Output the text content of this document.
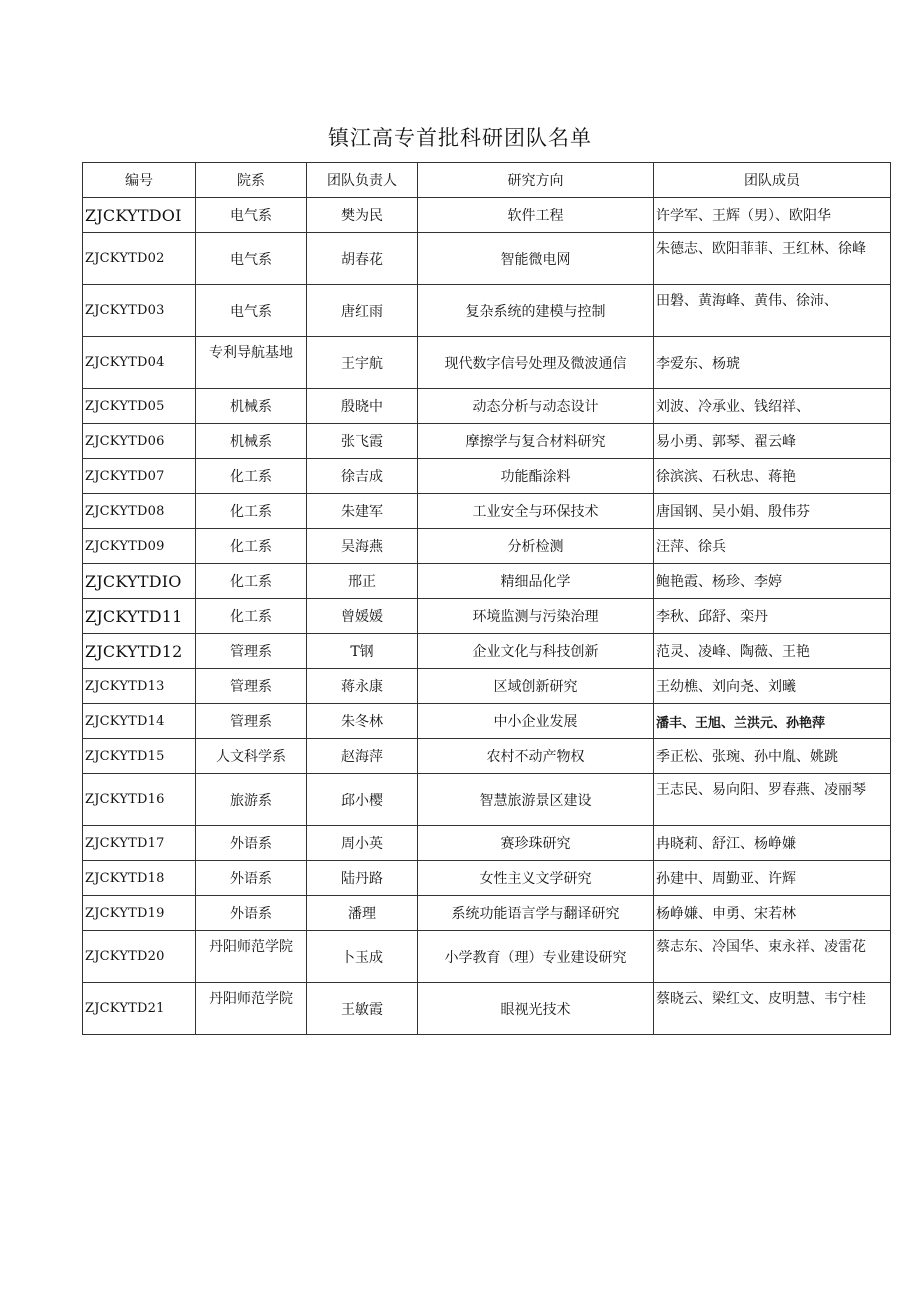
镇江高专首批科研团队名单
编号	院系	团队负责人	研究方向	团队成员
ZJCKYTDOI	电气系	樊为民	软件工程	许学军、王辉（男）、欧阳华
ZJCKYTD02	电气系	胡春花	智能微电网	朱德志、欧阳菲菲、王红林、徐峰
ZJCKYTD03	电气系	唐红雨	复杂系统的建模与控制	田磐、黄海峰、黄伟、徐沛、
ZJCKYTD04	专利导航基地	王宇航	现代数字信号处理及微波通信	李爱东、杨琥
ZJCKYTD05	机械系	殷晓中	动态分析与动态设计	刘波、冷承业、钱绍祥、
ZJCKYTD06	机械系	张飞霞	摩擦学与复合材料研究	易小勇、郭琴、翟云峰
ZJCKYTD07	化工系	徐吉成	功能酯涂料	徐滨滨、石秋忠、蒋艳
ZJCKYTD08	化工系	朱建军	工业安全与环保技术	唐国钢、吴小娟、殷伟芬
ZJCKYTD09	化工系	吴海燕	分析检测	汪萍、徐兵
ZJCKYTDIO	化工系	邢正	精细品化学	鲍艳霞、杨珍、李婷
ZJCKYTD11	化工系	曾媛媛	环境监测与污染治理	李秋、邱舒、栾丹
ZJCKYTD12	管理系	T钢	企业文化与科技创新	范灵、凌峰、陶薇、王艳
ZJCKYTD13	管理系	蒋永康	区域创新研究	王幼樵、刘向尧、刘曦
ZJCKYTD14	管理系	朱冬林	中小企业发展	潘丰、王旭、兰洪元、孙艳萍
ZJCKYTD15	人文科学系	赵海萍	农村不动产物权	季正松、张琬、孙中胤、姚跳
ZJCKYTD16	旅游系	邱小樱	智慧旅游景区建设	王志民、易向阳、罗春燕、凌丽琴
ZJCKYTD17	外语系	周小英	赛珍珠研究	冉晓莉、舒江、杨峥嫌
ZJCKYTD18	外语系	陆丹路	女性主义文学研究	孙建中、周勤亚、许辉
ZJCKYTD19	外语系	潘理	系统功能语言学与翻译研究	杨峥嫌、申勇、宋若林
ZJCKYTD20	丹阳师范学院	卜玉成	小学教育（理）专业建设研究	蔡志东、冷国华、束永祥、凌雷花
ZJCKYTD21	丹阳师范学院	王敏霞	眼视光技术	蔡晓云、梁红文、皮明慧、韦宁桂
